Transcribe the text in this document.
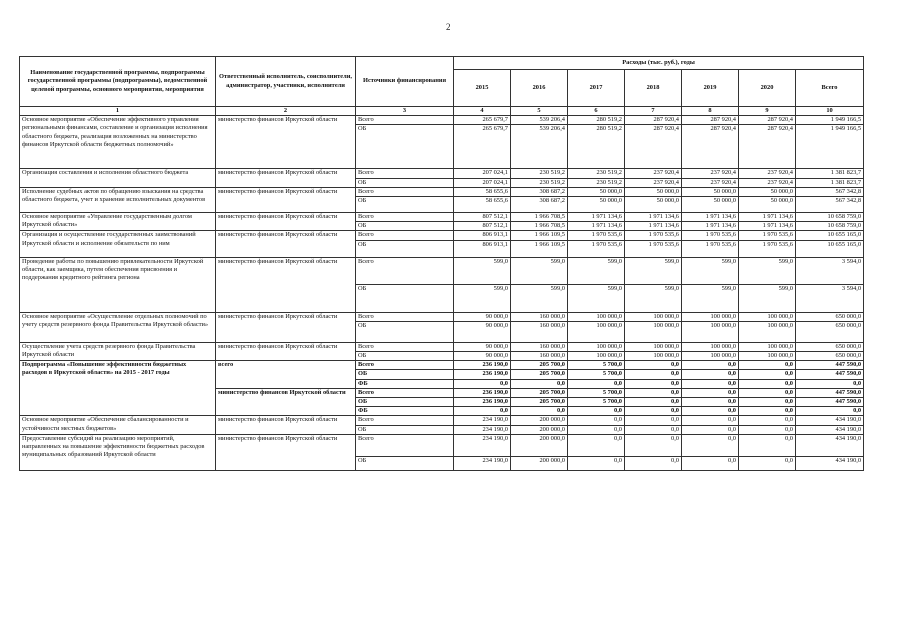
2
Наименование государственной программы, подпрограммы государственной программы (подпрограммы), ведомственной целевой программы, основного мероприятия, мероприятия	Ответственный исполнитель, соисполнители, администратор, участники, исполнители	Источники финансирования	Расходы (тыс. руб.), годы						
			2015	2016	2017	2018	2019	2020	Всего
1	2	3	4	5	6	7	8	9	10
Основное мероприятие «Обеспечение эффективного управления региональными финансами, составление и организация исполнения областного бюджета, реализация возложенных на министерство финансов Иркутской области бюджетных полномочий»	министерство финансов Иркутской области	Всего	265 679,7	539 206,4	280 519,2	287 920,4	287 920,4	287 920,4	1 949 166,5
		ОБ	265 679,7	539 206,4	280 519,2	287 920,4	287 920,4	287 920,4	1 949 166,5
Организация составления и исполнения областного бюджета	министерство финансов Иркутской области	Всего	207 024,1	230 519,2	230 519,2	237 920,4	237 920,4	237 920,4	1 381 823,7
		ОБ	207 024,1	230 519,2	230 519,2	237 920,4	237 920,4	237 920,4	1 381 823,7
Исполнение судебных актов по обращению взыскания на средства областного бюджета, учет и хранение исполнительных документов	министерство финансов Иркутской области	Всего	58 655,6	308 687,2	50 000,0	50 000,0	50 000,0	50 000,0	567 342,8
		ОБ	58 655,6	308 687,2	50 000,0	50 000,0	50 000,0	50 000,0	567 342,8
Основное мероприятие «Управление государственным долгом Иркутской области»	министерство финансов Иркутской области	Всего	807 512,1	1 966 708,5	1 971 134,6	1 971 134,6	1 971 134,6	1 971 134,6	10 658 759,0
		ОБ	807 512,1	1 966 708,5	1 971 134,6	1 971 134,6	1 971 134,6	1 971 134,6	10 658 759,0
Организация и осуществление государственных заимствований Иркутской области и исполнение обязательств по ним	министерство финансов Иркутской области	Всего	806 913,1	1 966 109,5	1 970 535,6	1 970 535,6	1 970 535,6	1 970 535,6	10 655 165,0
		ОБ	806 913,1	1 966 109,5	1 970 535,6	1 970 535,6	1 970 535,6	1 970 535,6	10 655 165,0
Проведение работы по повышению привлекательности Иркутской области, как заемщика, путем обеспечения присвоения и поддержания кредитного рейтинга региона	министерство финансов Иркутской области	Всего	599,0	599,0	599,0	599,0	599,0	599,0	3 594,0
		ОБ	599,0	599,0	599,0	599,0	599,0	599,0	3 594,0
Основное мероприятие «Осуществление отдельных полномочий по учету средств резервного фонда Правительства Иркутской области»	министерство финансов Иркутской области	Всего	90 000,0	160 000,0	100 000,0	100 000,0	100 000,0	100 000,0	650 000,0
		ОБ	90 000,0	160 000,0	100 000,0	100 000,0	100 000,0	100 000,0	650 000,0
Осуществление учета средств резервного фонда Правительства Иркутской области	министерство финансов Иркутской области	Всего	90 000,0	160 000,0	100 000,0	100 000,0	100 000,0	100 000,0	650 000,0
		ОБ	90 000,0	160 000,0	100 000,0	100 000,0	100 000,0	100 000,0	650 000,0
Подпрограмма «Повышение эффективности бюджетных расходов в Иркутской области» на 2015 - 2017 годы	всего	Всего	236 190,0	205 700,0	5 700,0	0,0	0,0	0,0	447 590,0
		ОБ	236 190,0	205 700,0	5 700,0	0,0	0,0	0,0	447 590,0
		ФБ	0,0	0,0	0,0	0,0	0,0	0,0	0,0
	министерство финансов Иркутской области	Всего	236 190,0	205 700,0	5 700,0	0,0	0,0	0,0	447 590,0
		ОБ	236 190,0	205 700,0	5 700,0	0,0	0,0	0,0	447 590,0
		ФБ	0,0	0,0	0,0	0,0	0,0	0,0	0,0
Основное мероприятие «Обеспечение сбалансированности и устойчивости местных бюджетов»	министерство финансов Иркутской области	Всего	234 190,0	200 000,0	0,0	0,0	0,0	0,0	434 190,0
		ОБ	234 190,0	200 000,0	0,0	0,0	0,0	0,0	434 190,0
Предоставление субсидий на реализацию мероприятий, направленных на повышение эффективности бюджетных расходов муниципальных образований Иркутской области	министерство финансов Иркутской области	Всего	234 190,0	200 000,0	0,0	0,0	0,0	0,0	434 190,0
		ОБ	234 190,0	200 000,0	0,0	0,0	0,0	0,0	434 190,0
